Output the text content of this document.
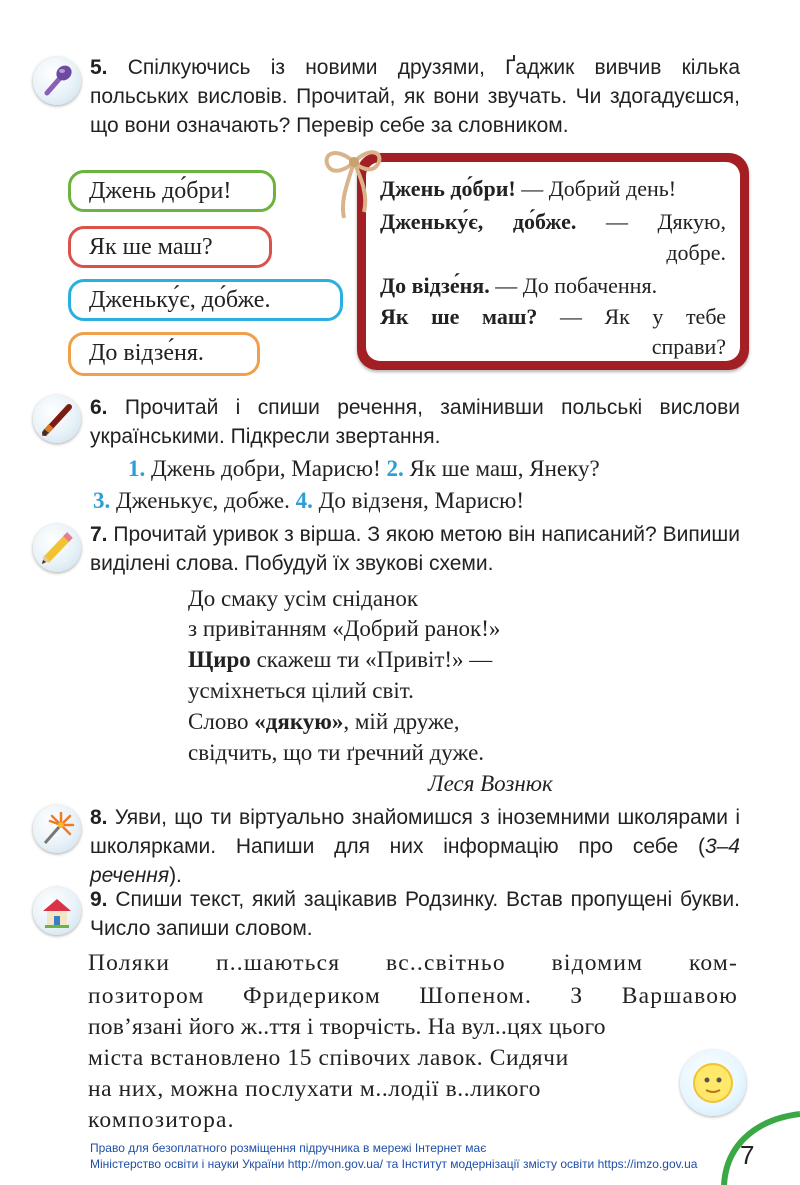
5. Спілкуючись із новими друзями, Ґаджик вивчив кілька польських висловів. Прочитай, як вони звучать. Чи здогадуєшся, що вони означають? Перевір себе за словником.
Джень до́бри!
Як ше маш?
Дженьку́є, до́бже.
До відзе́ня.
Джень до́бри! — Добрий день!
Дженьку́є, до́бже. — Дякую,
добре.
До відзе́ня. — До побачення.
Як ше маш? — Як у тебе
справи?
6. Прочитай і спиши речення, замінивши польські вислови українськими. Підкресли звертання.
1. Джень добри, Марисю! 2. Як ше маш, Янеку?
3. Дженькує, добже. 4. До відзеня, Марисю!
7. Прочитай уривок з вірша. З якою метою він написаний? Випиши виділені слова. Побудуй їх звукові схеми.
До смаку усім сніданок
з привітанням «Добрий ранок!»
Щиро скажеш ти «Привіт!» —
усміхнеться цілий світ.
Слово «дякую», мій друже,
свідчить, що ти ґречний дуже.
Леся Вознюк
8. Уяви, що ти віртуально знайомишся з іноземними школярами і школярками. Напиши для них інформацію про себе (3–4 речення).
9. Спиши текст, який зацікавив Родзинку. Встав пропущені букви. Число запиши словом.
Поляки п..шаються вс..світньо відомим ком-
позитором Фридериком Шопеном. З Варшавою
пов’язані його ж..ття і творчість. На вул..цях цього
міста встановлено 15 співочих лавок. Сидячи
на них, можна послухати м..лодії в..ликого
композитора.
Право для безоплатного розміщення підручника в мережі Інтернет має
Міністерство освіти і науки України http://mon.gov.ua/ та Інститут модернізації змісту освіти https://imzo.gov.ua 7
